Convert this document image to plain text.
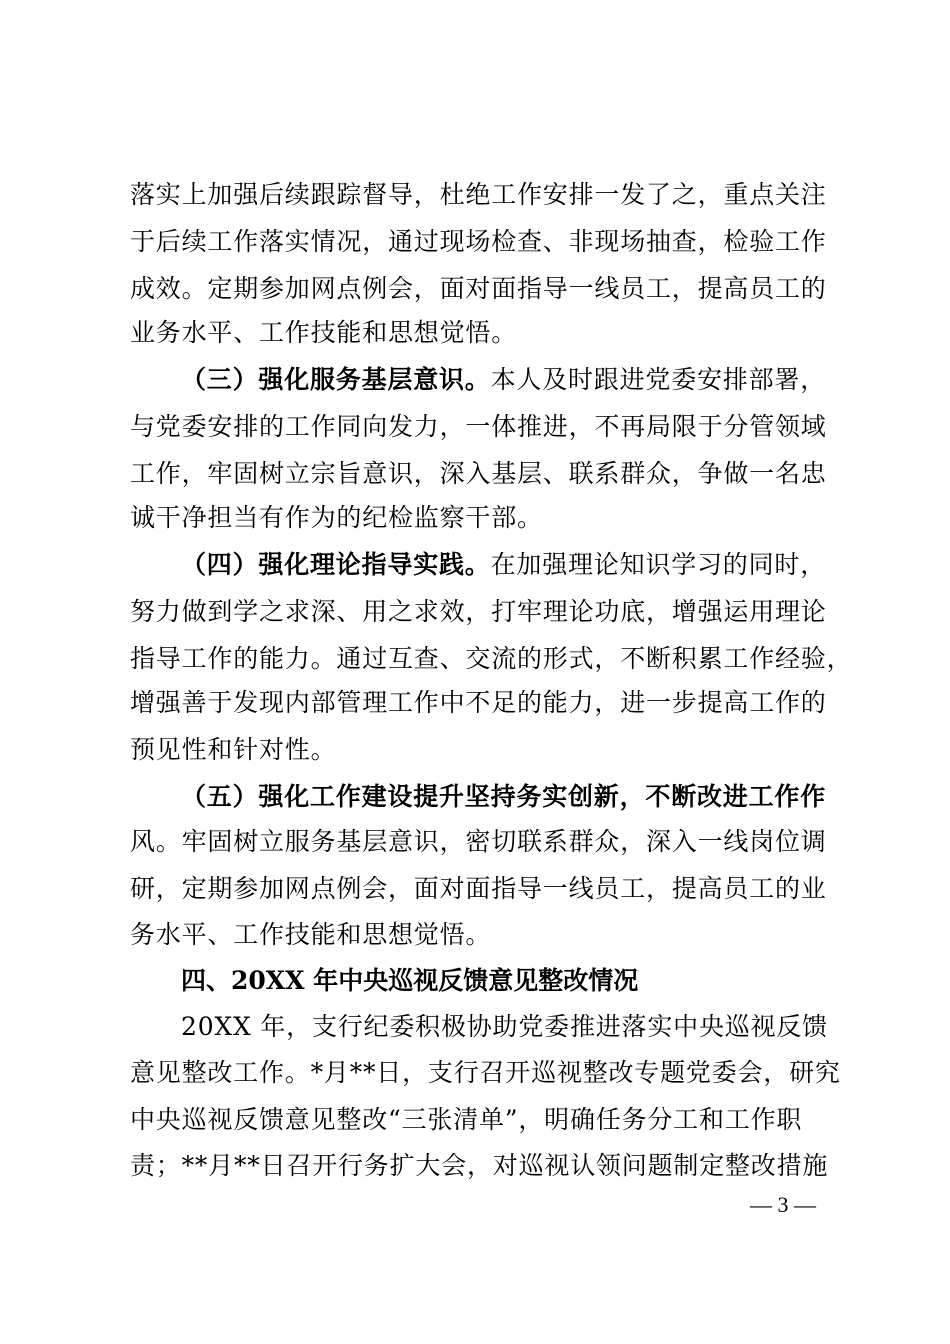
落实上加强后续跟踪督导，杜绝工作安排一发了之，重点关注
于后续工作落实情况，通过现场检查、非现场抽查，检验工作
成效。定期参加网点例会，面对面指导一线员工，提高员工的
业务水平、工作技能和思想觉悟。
（三）强化服务基层意识。本人及时跟进党委安排部署，
与党委安排的工作同向发力，一体推进，不再局限于分管领域
工作，牢固树立宗旨意识，深入基层、联系群众，争做一名忠
诚干净担当有作为的纪检监察干部。
（四）强化理论指导实践。在加强理论知识学习的同时，
努力做到学之求深、用之求效，打牢理论功底，增强运用理论
指导工作的能力。通过互查、交流的形式，不断积累工作经验，
增强善于发现内部管理工作中不足的能力，进一步提高工作的
预见性和针对性。
（五）强化工作建设提升坚持务实创新，不断改进工作作
风。牢固树立服务基层意识，密切联系群众，深入一线岗位调
研，定期参加网点例会，面对面指导一线员工，提高员工的业
务水平、工作技能和思想觉悟。
四、20XX 年中央巡视反馈意见整改情况
20XX 年，支行纪委积极协助党委推进落实中央巡视反馈
意见整改工作。*月**日，支行召开巡视整改专题党委会，研究
中央巡视反馈意见整改“三张清单”，明确任务分工和工作职
责；**月**日召开行务扩大会，对巡视认领问题制定整改措施
— 3 —
